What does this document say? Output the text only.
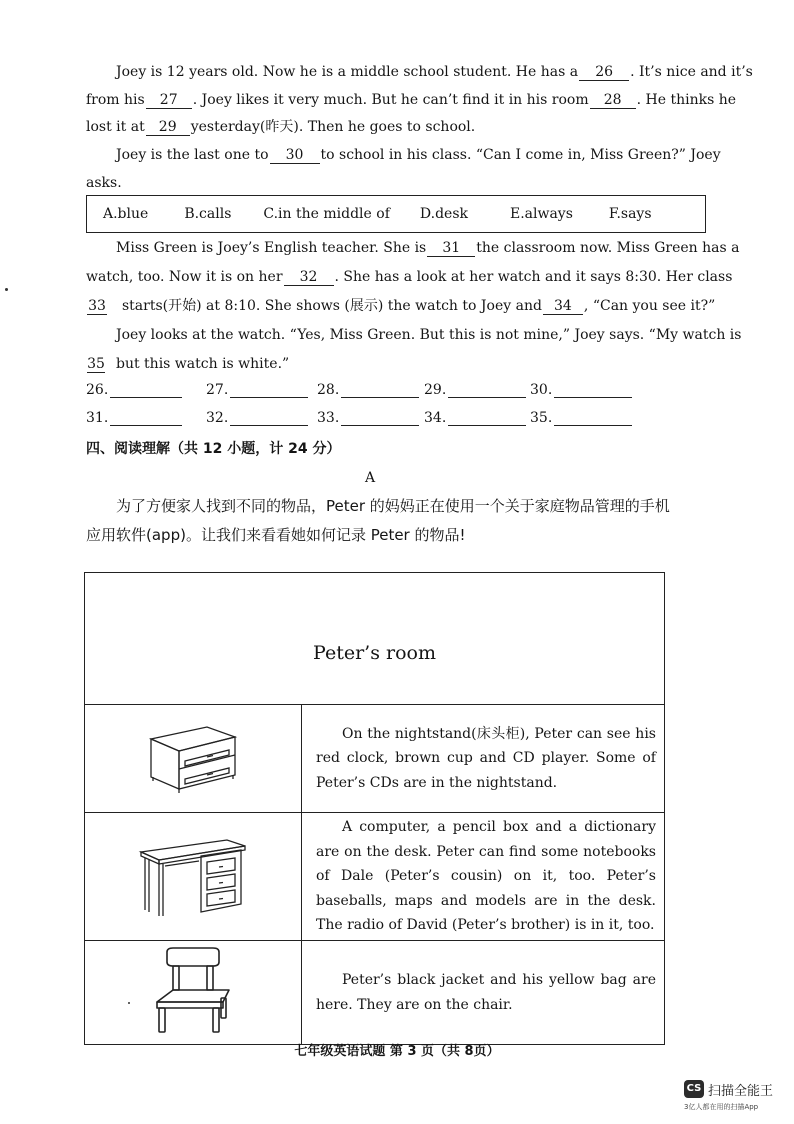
Joey is 12 years old. Now he is a middle school student. He has a 26 . It’s nice and it’s
from his 27 . Joey likes it very much. But he can’t find it in his room 28 . He thinks he
lost it at 29 yesterday(昨天). Then he goes to school.
Joey is the last one to 30 to school in his class. “Can I come in, Miss Green?” Joey
asks.
A.blue	B.calls C.in the middle of D.desk	E.always	F.says
Miss Green is Joey’s English teacher. She is 31 the classroom now. Miss Green has a
watch, too. Now it is on her 32 . She has a look at her watch and it says 8:30. Her class
33 starts(开始) at 8:10. She shows (展示) the watch to Joey and 34 , “Can you see it?”
Joey looks at the watch. “Yes, Miss Green. But this is not mine,” Joey says. “My watch is
35 but this watch is white.”
26.	27.	28.	29.	30.
31.	32.	33.	34.	35.
四、阅读理解（共 12 小题，计 24 分）
A
为了方便家人找到不同的物品，Peter 的妈妈正在使用一个关于家庭物品管理的手机
应用软件(app)。让我们来看看她如何记录 Peter 的物品!
Peter’s room	

On the nightstand(床头柜), Peter can see his red clock, brown cup and CD player. Some of Peter’s CDs are in the nightstand.

A computer, a pencil box and a dictionary are on the desk. Peter can find some notebooks of Dale (Peter’s cousin) on it, too. Peter’s baseballs, maps and models are in the desk. The radio of David (Peter’s brother) is in it, too.

Peter’s black jacket and his yellow bag are here. They are on the chair.
七年级英语试题 第 3 页（共 8页）
CS 扫描全能王
3亿人都在用的扫描App
